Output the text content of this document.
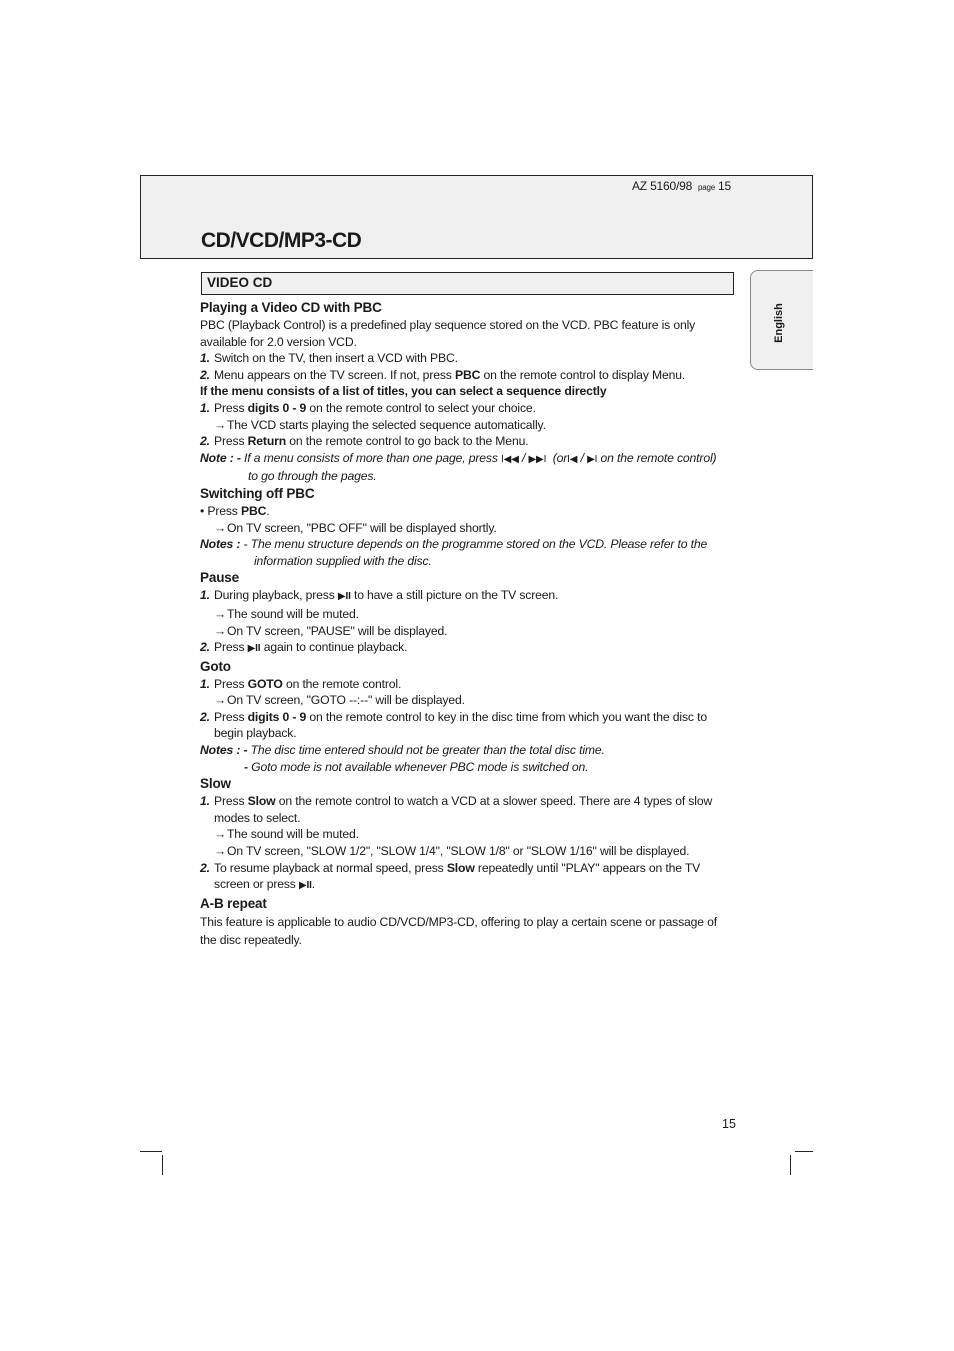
AZ 5160/98 page 15
CD/VCD/MP3-CD
VIDEO CD
English
Playing a Video CD with PBC

PBC (Playback Control) is a predefined play sequence stored on the VCD. PBC feature is only available for 2.0 version VCD.

1. Switch on the TV, then insert a VCD with PBC.

2. Menu appears on the TV screen. If not, press PBC on the remote control to display Menu.

If the menu consists of a list of titles, you can select a sequence directly

1. Press digits 0 - 9 on the remote control to select your choice.

→The VCD starts playing the selected sequence automatically.

2. Press Return on the remote control to go back to the Menu.

Note : - If a menu consists of more than one page, press I◀◀ / ▶▶I  (orI◀ / ▶I on the remote control)

to go through the pages.

Switching off PBC

• Press PBC.

→On TV screen, "PBC OFF" will be displayed shortly.

Notes : - The menu structure depends on the programme stored on the VCD. Please refer to the

information supplied with the disc.

Pause

1. During playback, press ▶II to have a still picture on the TV screen.

→The sound will be muted.

→On TV screen, "PAUSE" will be displayed.

2. Press ▶II again to continue playback.

Goto

1. Press GOTO on the remote control.

→On TV screen, "GOTO --:--" will be displayed.

2. Press digits 0 - 9 on the remote control to key in the disc time from which you want the disc to begin playback.

Notes : - The disc time entered should not be greater than the total disc time.

- Goto mode is not available whenever PBC mode is switched on.

Slow

1. Press Slow on the remote control to watch a VCD at a slower speed. There are 4 types of slow modes to select.

→The sound will be muted.

→On TV screen, "SLOW 1/2", "SLOW 1/4", "SLOW 1/8" or "SLOW 1/16" will be displayed.

2. To resume playback at normal speed, press Slow repeatedly until "PLAY" appears on the TV screen or press ▶II.

A-B repeat

This feature is applicable to audio CD/VCD/MP3-CD, offering to play a certain scene or passage of the disc repeatedly.

15
